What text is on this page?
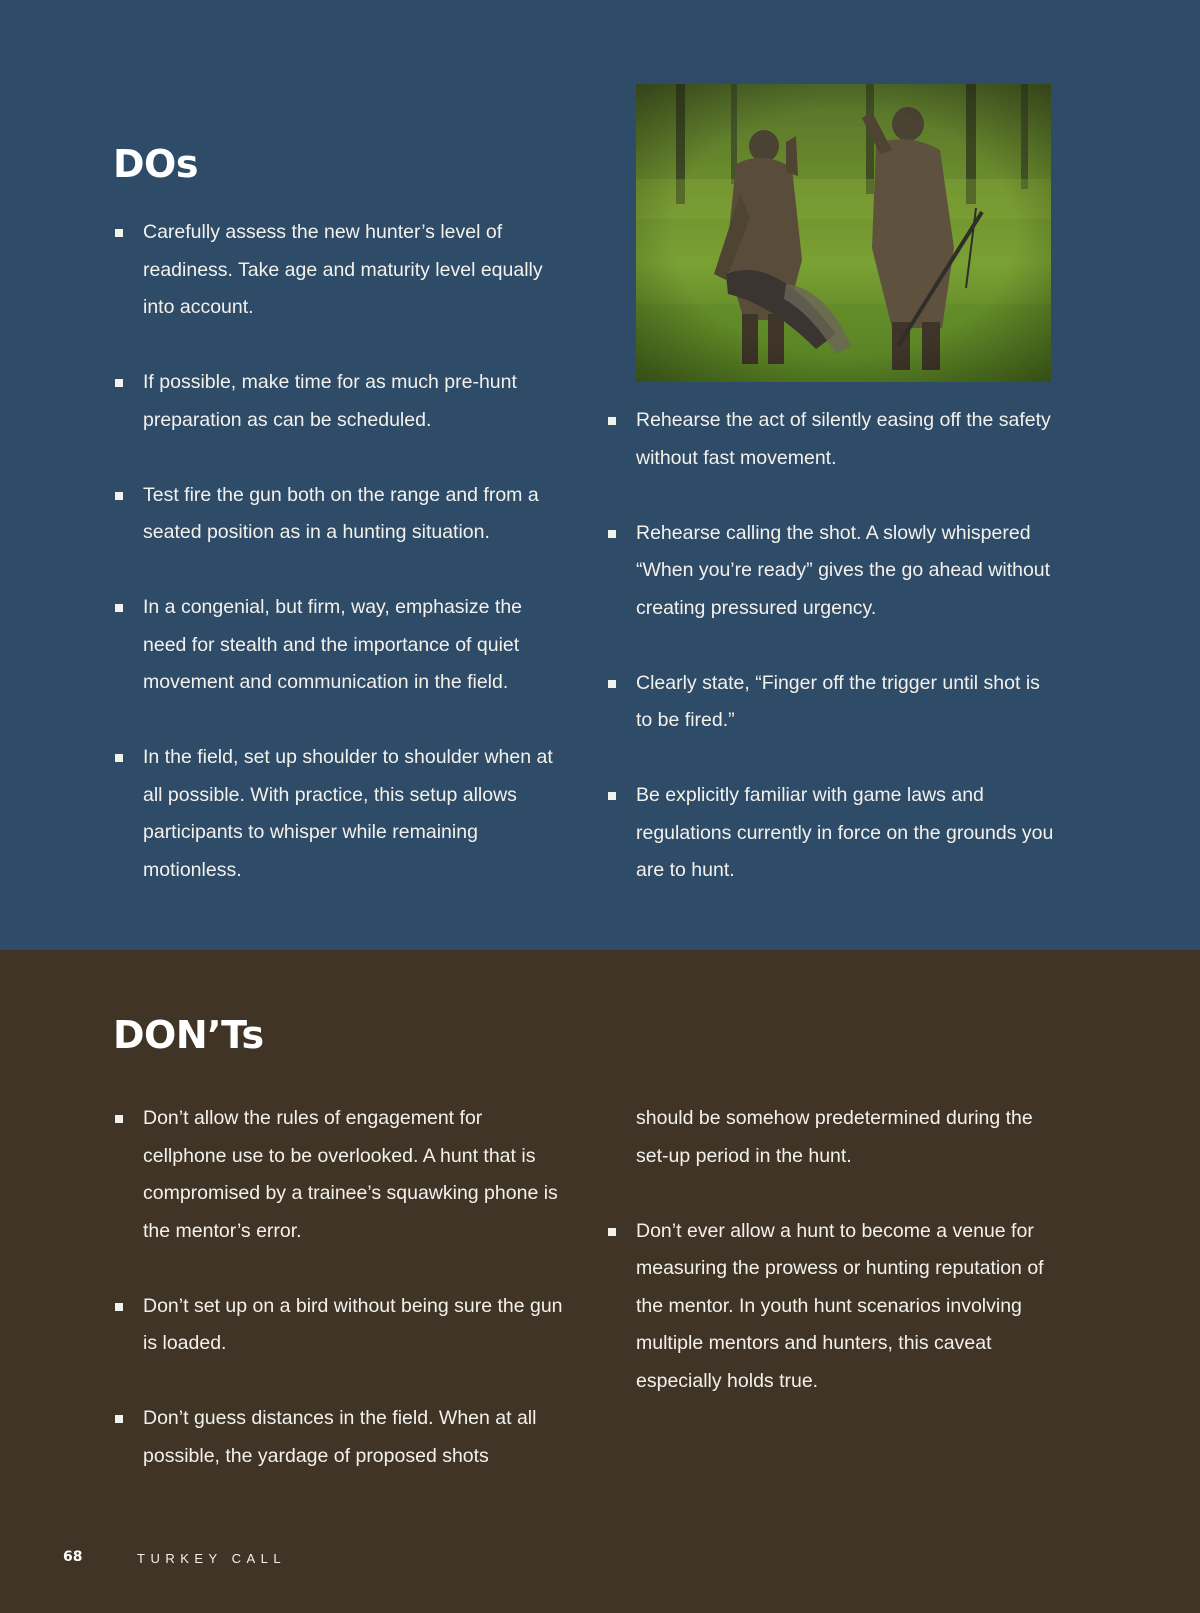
DOs
Carefully assess the new hunter’s level of readiness. Take age and maturity level equally into account.
If possible, make time for as much pre-hunt preparation as can be scheduled.
Test fire the gun both on the range and from a seated position as in a hunting situation.
In a congenial, but firm, way, emphasize the need for stealth and the importance of quiet movement and communication in the field.
In the field, set up shoulder to shoulder when at all possible. With practice, this setup allows participants to whisper while remaining motionless.
Rehearse the act of silently easing off the safety without fast movement.
Rehearse calling the shot. A slowly whispered “When you’re ready” gives the go ahead without creating pressured urgency.
Clearly state, “Finger off the trigger until shot is to be fired.”
Be explicitly familiar with game laws and regulations currently in force on the grounds you are to hunt.
DON’Ts
Don’t allow the rules of engagement for cellphone use to be overlooked. A hunt that is compromised by a trainee’s squawking phone is the mentor’s error.
Don’t set up on a bird without being sure the gun is loaded.
Don’t guess distances in the field. When at all possible, the yardage of proposed shots
should be somehow predetermined during the set-up period in the hunt.
Don’t ever allow a hunt to become a venue for measuring the prowess or hunting reputation of the mentor. In youth hunt scenarios involving multiple mentors and hunters, this caveat especially holds true.
68	TURKEY CALL
